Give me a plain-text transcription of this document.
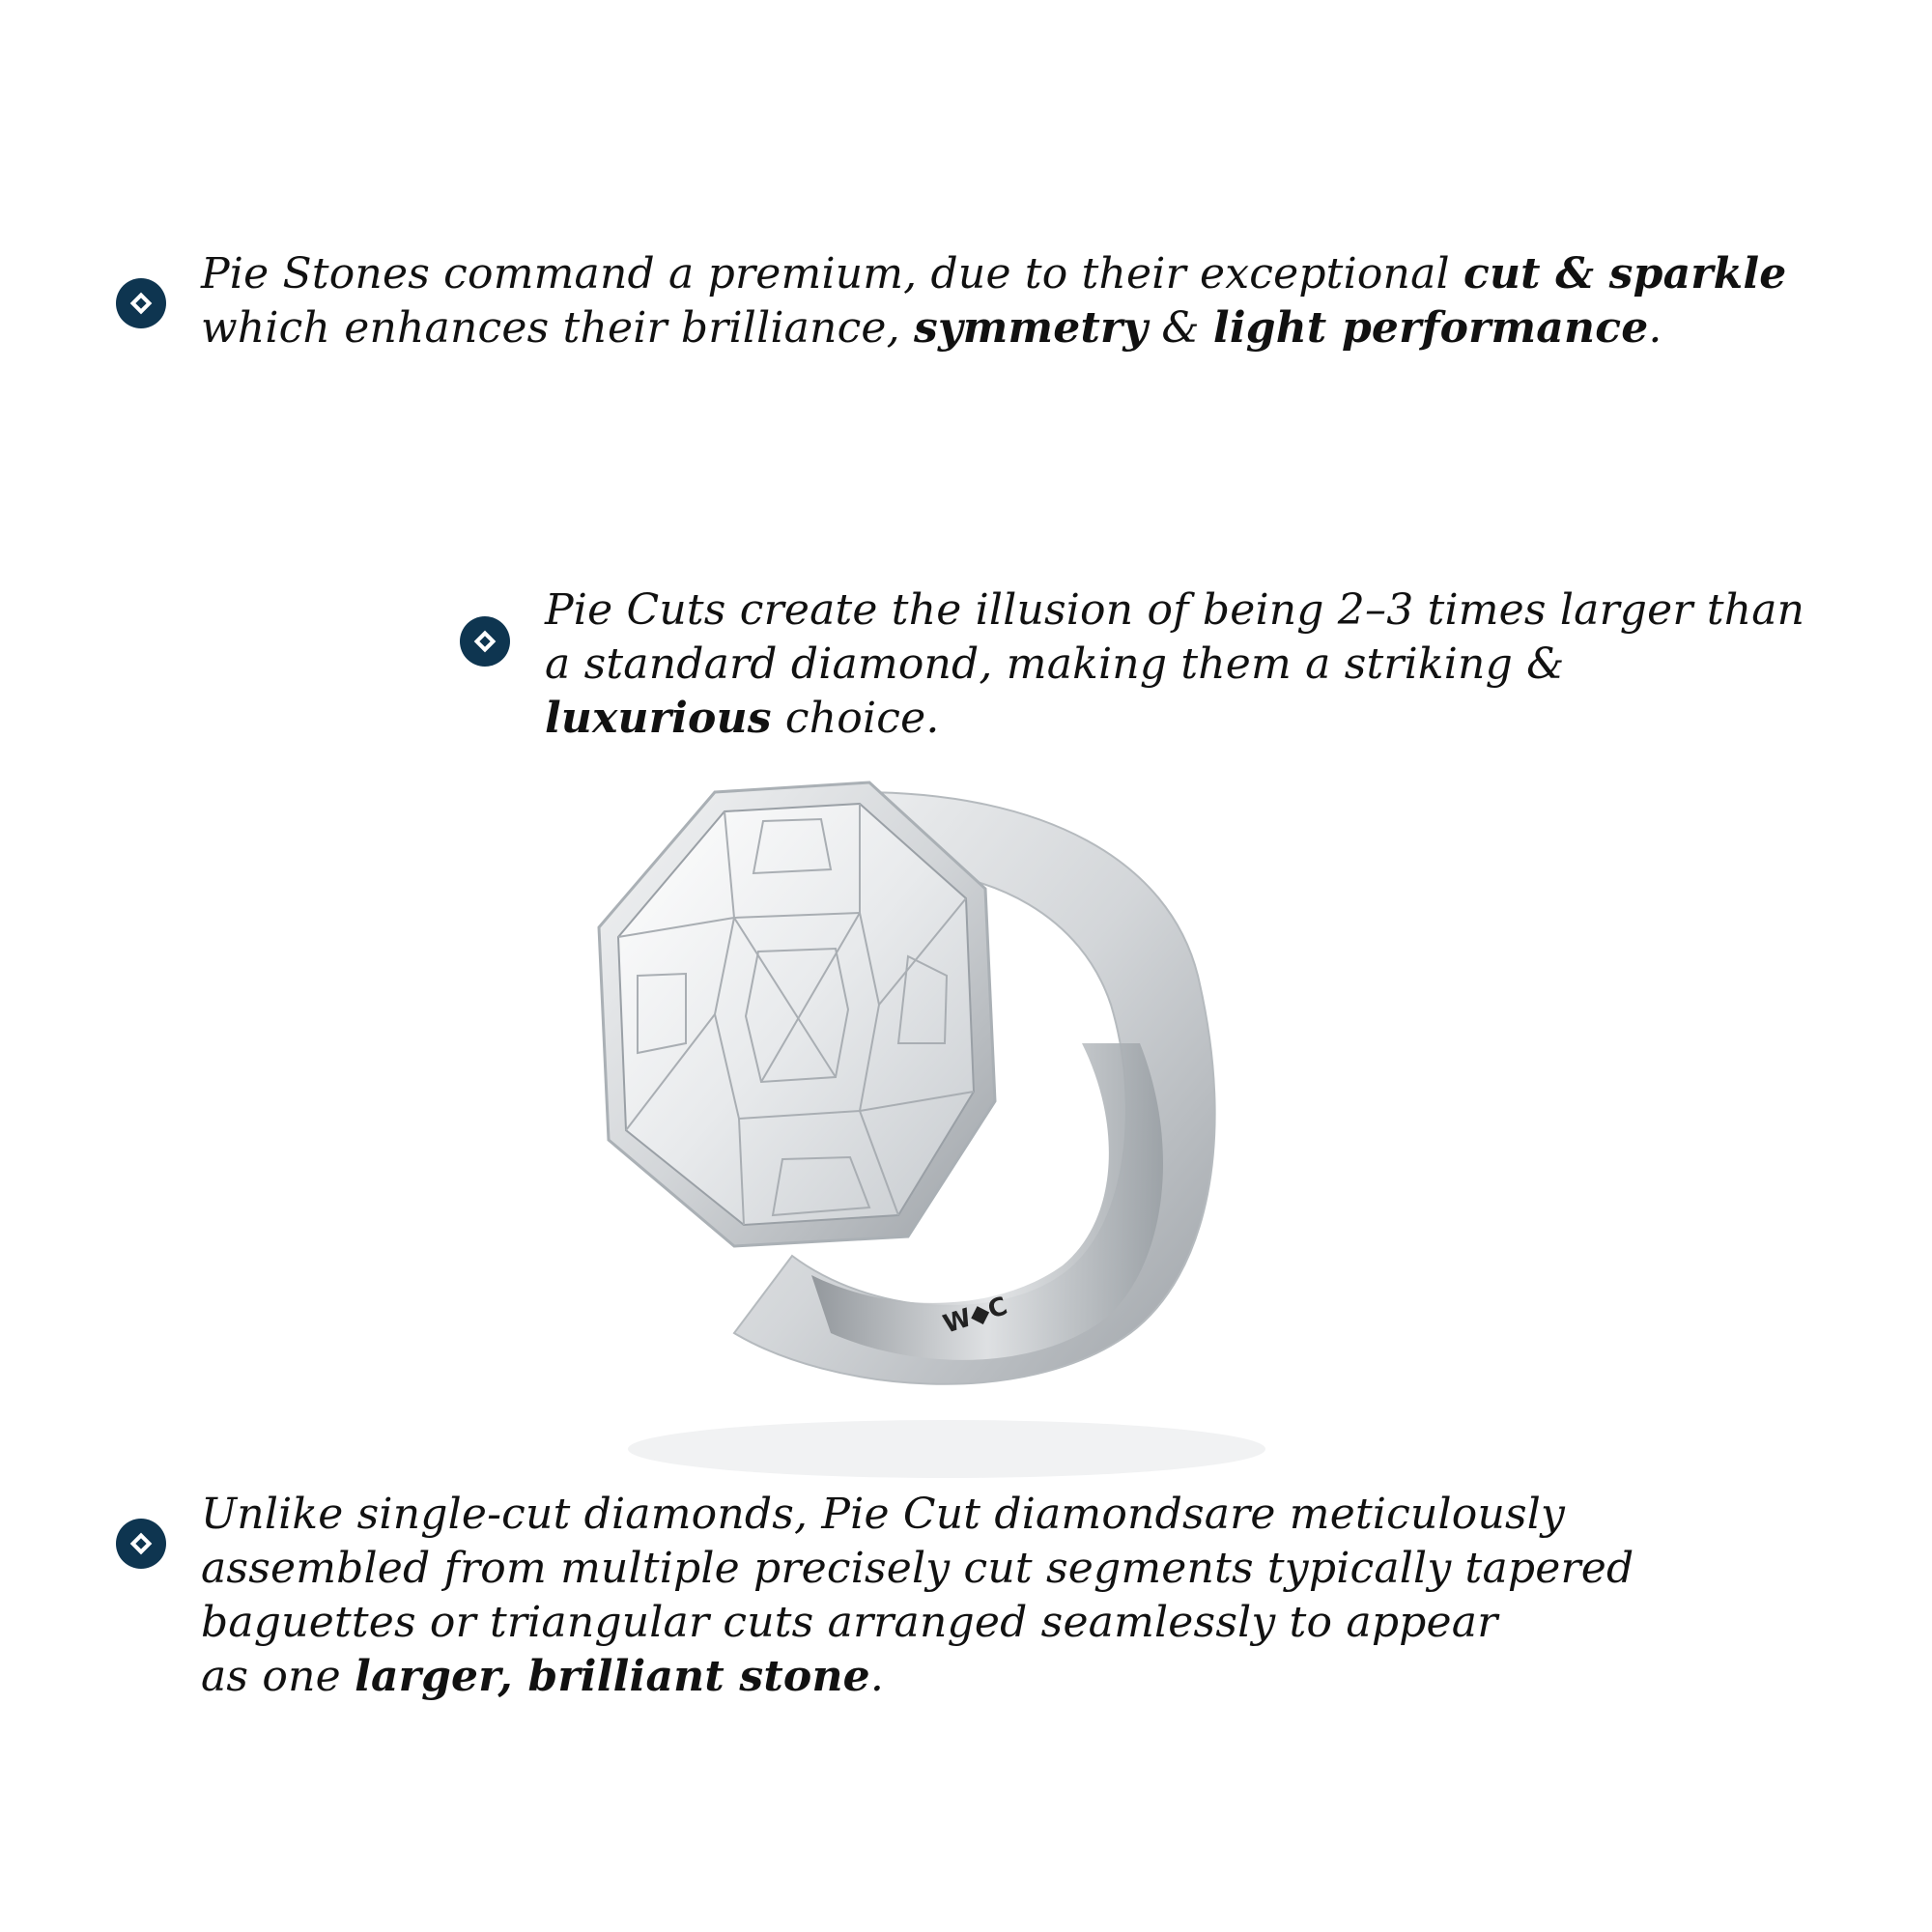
Pie Stones command a premium, due to their exceptional cut & sparkle
which enhances their brilliance, symmetry & light performance.
Pie Cuts create the illusion of being 2–3 times larger than
a standard diamond, making them a striking &
luxurious choice.
W◆C
Unlike single-cut diamonds, Pie Cut diamondsare meticulously
assembled from multiple precisely cut segments typically tapered
baguettes or triangular cuts arranged seamlessly to appear
as one larger, brilliant stone.
